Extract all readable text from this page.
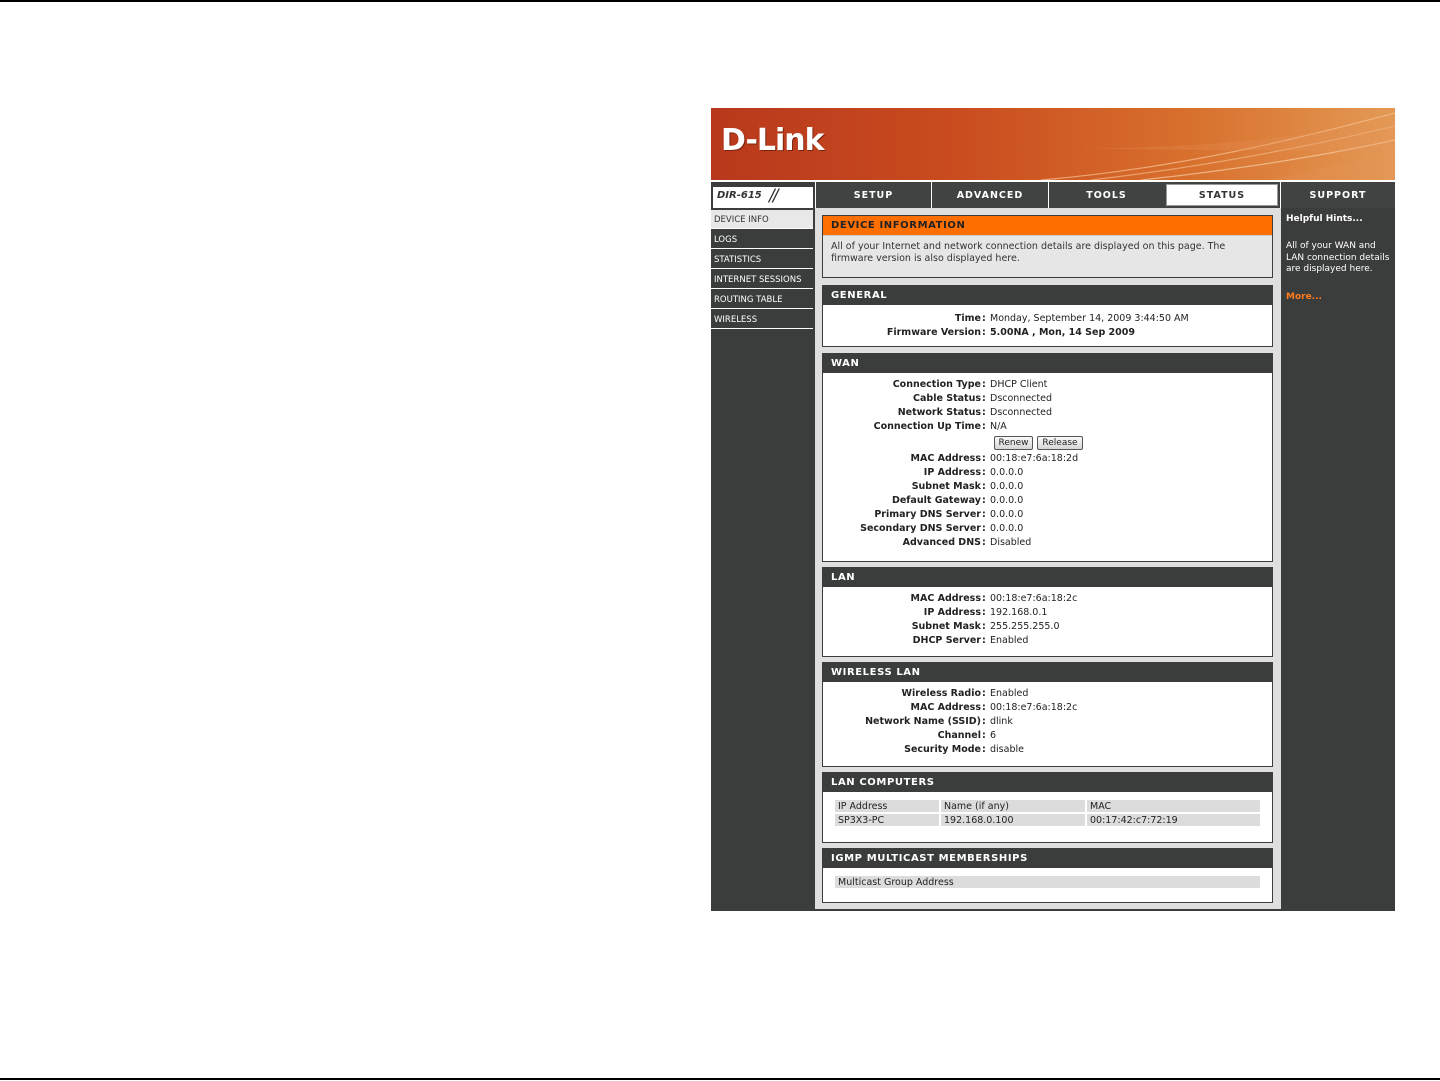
D-Link
DIR-615 //	SETUP	ADVANCED	TOOLS	STATUS	SUPPORT
DEVICE INFO
LOGS
STATISTICS
INTERNET SESSIONS
ROUTING TABLE
WIRELESS
DEVICE INFORMATION
All of your Internet and network connection details are displayed on this page. The firmware version is also displayed here.
GENERAL
Time : Monday, September 14, 2009 3:44:50 AM
Firmware Version : 5.00NA , Mon, 14 Sep 2009
WAN
Connection Type : DHCP Client
Cable Status : Dsconnected
Network Status : Dsconnected
Connection Up Time : N/A
Renew	Release
MAC Address : 00:18:e7:6a:18:2d
IP Address : 0.0.0.0
Subnet Mask : 0.0.0.0
Default Gateway : 0.0.0.0
Primary DNS Server : 0.0.0.0
Secondary DNS Server : 0.0.0.0
Advanced DNS : Disabled
LAN
MAC Address : 00:18:e7:6a:18:2c
IP Address : 192.168.0.1
Subnet Mask : 255.255.255.0
DHCP Server : Enabled
WIRELESS LAN
Wireless Radio : Enabled
MAC Address : 00:18:e7:6a:18:2c
Network Name (SSID) : dlink
Channel : 6
Security Mode : disable
LAN COMPUTERS
IP Address	Name (if any)	MAC
SP3X3-PC	192.168.0.100	00:17:42:c7:72:19
IGMP MULTICAST MEMBERSHIPS
Multicast Group Address
Helpful Hints...
All of your WAN and LAN connection details are displayed here.
More...
